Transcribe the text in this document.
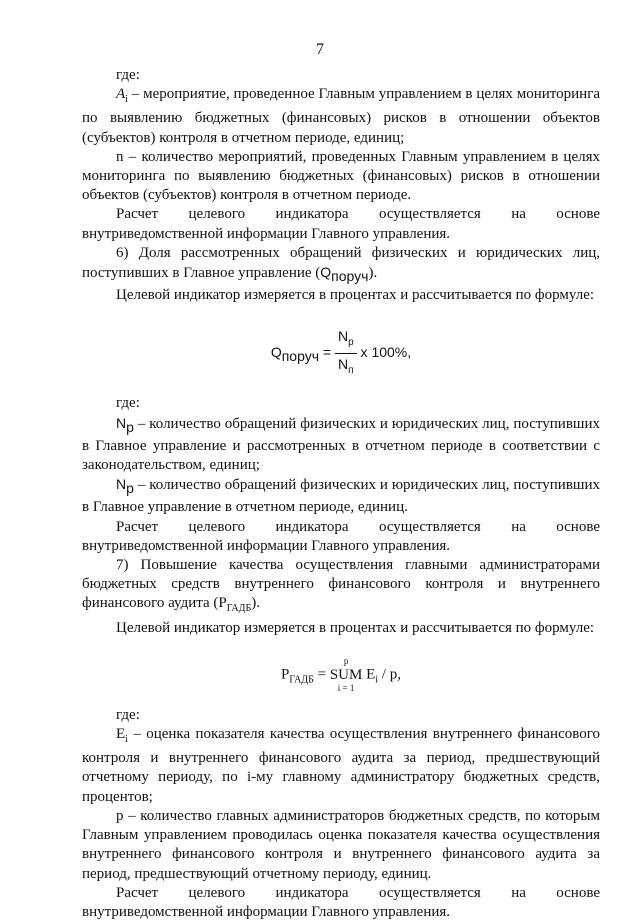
7

где:

$A_i$ – мероприятие, проведенное Главным управлением в целях мониторинга по выявлению бюджетных (финансовых) рисков в отношении объектов (субъектов) контроля в отчетном периоде, единиц;

n – количество мероприятий, проведенных Главным управлением в целях мониторинга по выявлению бюджетных (финансовых) рисков в отношении объектов (субъектов) контроля в отчетном периоде.

Расчет целевого индикатора осуществляется на основе внутриведомственной информации Главного управления.

6) Доля рассмотренных обращений физических и юридических лиц, поступивших в Главное управление $(Q_{поруч})$.

Целевой индикатор измеряется в процентах и рассчитывается по формуле:

$Q_{поруч} = \frac{N_р}{N_п}$ х 100%,

где:

$N_р$ – количество обращений физических и юридических лиц, поступивших в Главное управление и рассмотренных в отчетном периоде в соответствии с законодательством, единиц;

$N_р$ – количество обращений физических и юридических лиц, поступивших в Главное управление в отчетном периоде, единиц.

Расчет целевого индикатора осуществляется на основе внутриведомственной информации Главного управления.

7) Повышение качества осуществления главными администраторами бюджетных средств внутреннего финансового контроля и внутреннего финансового аудита $(Р_{ГАДБ})$.

Целевой индикатор измеряется в процентах и рассчитывается по формуле:

$Р_{ГАДБ}$ =
p
SUM
i = 1
$E_i$ / p,

где:

$E_i$ – оценка показателя качества осуществления внутреннего финансового контроля и внутреннего финансового аудита за период, предшествующий отчетному периоду, по i-му главному администратору бюджетных средств, процентов;

p – количество главных администраторов бюджетных средств, по которым Главным управлением проводилась оценка показателя качества осуществления внутреннего финансового контроля и внутреннего финансового аудита за период, предшествующий отчетному периоду, единиц.

Расчет целевого индикатора осуществляется на основе внутриведомственной информации Главного управления.
